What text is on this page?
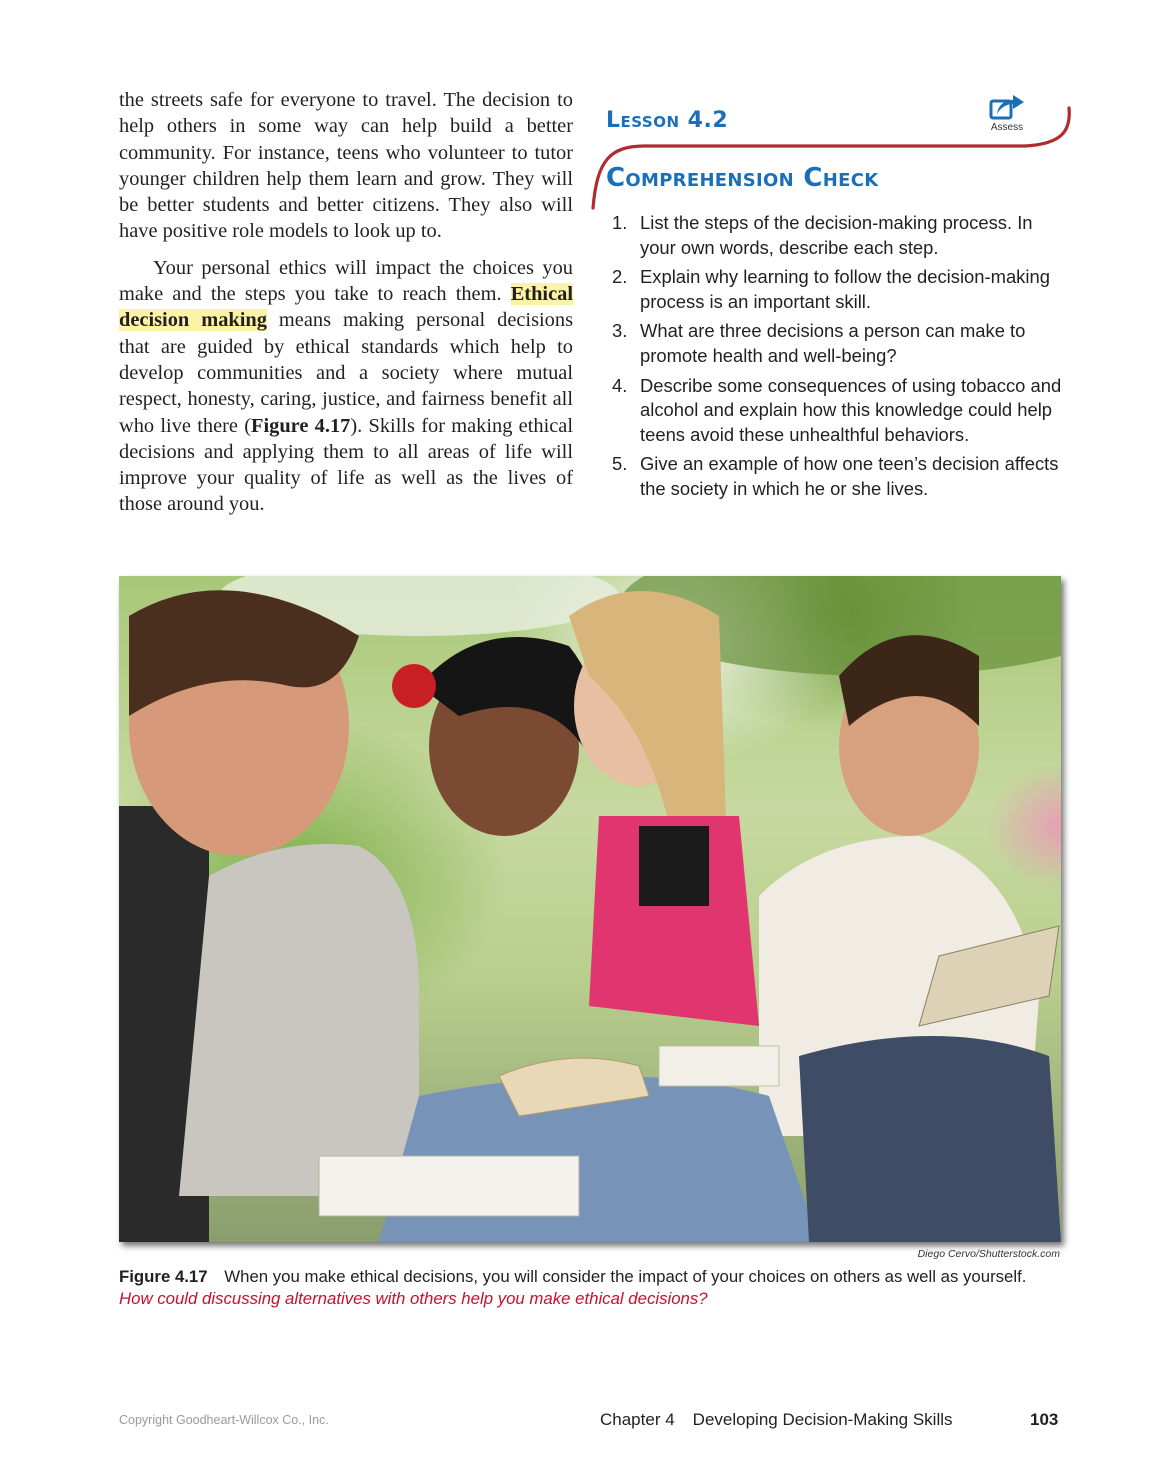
the streets safe for everyone to travel. The decision to help others in some way can help build a better community. For instance, teens who volunteer to tutor younger children help them learn and grow. They will be better students and better citizens. They also will have positive role models to look up to.

Your personal ethics will impact the choices you make and the steps you take to reach them. Ethical decision making means making personal decisions that are guided by ethical standards which help to develop communities and a society where mutual respect, honesty, caring, justice, and fairness benefit all who live there (Figure 4.17). Skills for making ethical decisions and applying them to all areas of life will improve your quality of life as well as the lives of those around you.

Lesson 4.2
Comprehension Check
Assess
1. List the steps of the decision-making process. In your own words, describe each step.
2. Explain why learning to follow the decision-making process is an important skill.
3. What are three decisions a person can make to promote health and well-being?
4. Describe some consequences of using tobacco and alcohol and explain how this knowledge could help teens avoid these unhealthful behaviors.
5. Give an example of how one teen’s decision affects the society in which he or she lives.
Diego Cervo/Shutterstock.com
Figure 4.17 When you make ethical decisions, you will consider the impact of your choices on others as well as yourself. How could discussing alternatives with others help you make ethical decisions?
Copyright Goodheart-Willcox Co., Inc.	Chapter 4 Developing Decision-Making Skills	103
